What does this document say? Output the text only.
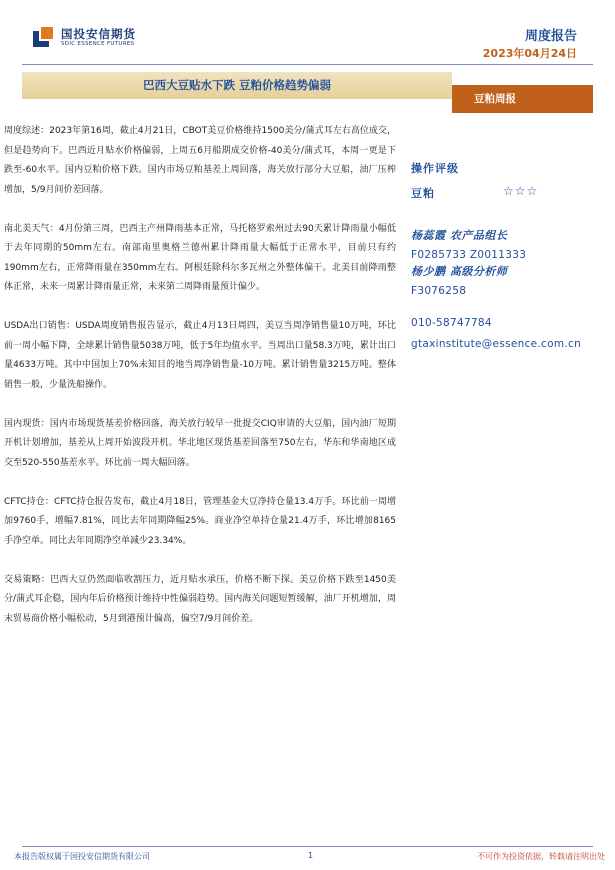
国投安信期货
SDIC ESSENCE FUTURES	周度报告
2023年04月24日
巴西大豆贴水下跌 豆粕价格趋势偏弱
豆粕周报

周度综述：2023年第16周，截止4月21日，CBOT美豆价格维持1500美分/蒲式耳左右高位成交，但是趋势向下。巴西近月贴水价格偏弱，上周五6月船期成交价格-40美分/蒲式耳，本周一更是下跌至-60水平。国内豆粕价格下跌。国内市场豆粕基差上周回落，海关放行部分大豆船，油厂压榨增加，5/9月间价差回落。

南北美天气：4月份第三周，巴西主产州降雨基本正常，马托格罗索州过去90天累计降雨量小幅低于去年同期的50mm左右。南部南里奥格兰德州累计降雨量大幅低于正常水平，目前只有约190mm左右，正常降雨量在350mm左右。阿根廷除科尔多瓦州之外整体偏干。北美目前降雨整体正常，未来一周累计降雨量正常，未来第二周降雨量预计偏少。

USDA出口销售：USDA周度销售报告显示，截止4月13日周四，美豆当周净销售量10万吨，环比前一周小幅下降，全球累计销售量5038万吨，低于5年均值水平。当周出口量58.3万吨，累计出口量4633万吨。其中中国加上70%未知目的地当周净销售量-10万吨。累计销售量3215万吨。整体销售一般，少量洗船操作。

国内现货：国内市场现货基差价格回落，海关放行较早一批提交CIQ审请的大豆船，国内油厂短期开机计划增加，基差从上周开始波段开机。华北地区现货基差回落至750左右，华东和华南地区成交至520-550基差水平。环比前一周大幅回落。

CFTC持仓：CFTC持仓报告发布，截止4月18日，管理基金大豆净持仓量13.4万手。环比前一周增加9760手，增幅7.81%，同比去年同期降幅25%。商业净空单持仓量21.4万手，环比增加8165手净空单。同比去年同期净空单减少23.34%。

交易策略：巴西大豆仍然面临收割压力，近月贴水承压，价格不断下探。美豆价格下跌至1450美分/蒲式耳企稳，国内年后价格预计维持中性偏弱趋势。国内海关问题短暂缓解，油厂开机增加，周末贸易商价格小幅松动，5月到港预计偏高，偏空7/9月间价差。

操作评级
豆粕	☆☆☆
杨蕊霞 农产品组长
F0285733 Z0011333
杨少鹏 高级分析师
F3076258
010-58747784
gtaxinstitute@essence.com.cn
本报告版权属于国投安信期货有限公司	1	不可作为投资依据，转载请注明出处
